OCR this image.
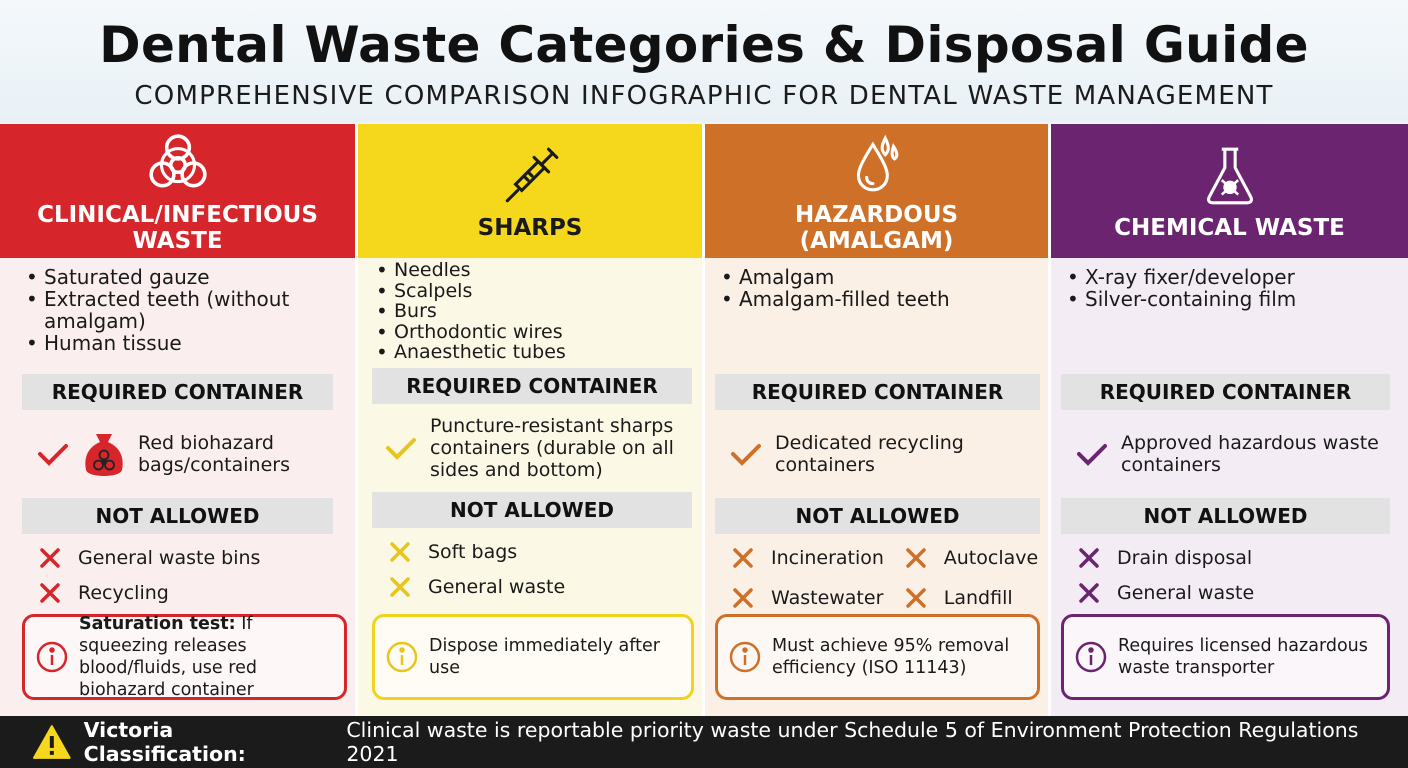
Dental Waste Categories & Disposal Guide
COMPREHENSIVE COMPARISON INFOGRAPHIC FOR DENTAL WASTE MANAGEMENT
CLINICAL/INFECTIOUS
WASTE
• Saturated gauze
• Extracted teeth (without amalgam)
• Human tissue
REQUIRED CONTAINER
Red biohazard bags/containers
NOT ALLOWED
General waste bins
Recycling
Saturation test: If squeezing releases blood/fluids, use red biohazard container
SHARPS
• Needles
• Scalpels
• Burs
• Orthodontic wires
• Anaesthetic tubes
REQUIRED CONTAINER
Puncture-resistant sharps containers (durable on all sides and bottom)
NOT ALLOWED
Soft bags
General waste
Dispose immediately after use
HAZARDOUS
(AMALGAM)
• Amalgam
• Amalgam-filled teeth
REQUIRED CONTAINER
Dedicated recycling containers
NOT ALLOWED
Incineration	Autoclave
Wastewater	Landfill
Must achieve 95% removal efficiency (ISO 11143)
CHEMICAL WASTE
• X-ray fixer/developer
• Silver-containing film
REQUIRED CONTAINER
Approved hazardous waste containers
NOT ALLOWED
Drain disposal
General waste
Requires licensed hazardous waste transporter
Victoria Classification:
Clinical waste is reportable priority waste under Schedule 5 of Environment Protection Regulations 2021
